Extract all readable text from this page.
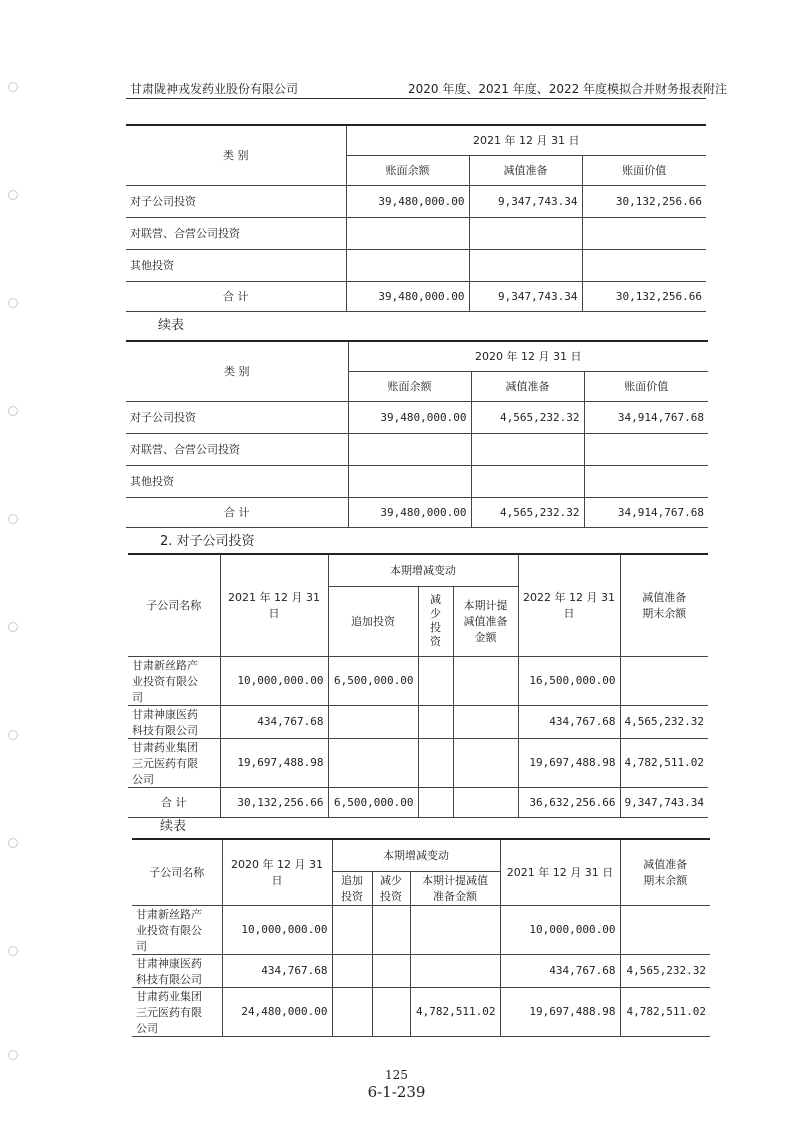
甘肃陇神戎发药业股份有限公司	2020 年度、2021 年度、2022 年度模拟合并财务报表附注
类 别	2021 年 12 月 31 日		
	账面余额	减值准备	账面价值
对子公司投资	39,480,000.00	9,347,743.34	30,132,256.66
对联营、合营公司投资			
其他投资			
合 计	39,480,000.00	9,347,743.34	30,132,256.66
续表
类 别	2020 年 12 月 31 日		
	账面余额	减值准备	账面价值
对子公司投资	39,480,000.00	4,565,232.32	34,914,767.68
对联营、合营公司投资			
其他投资			
合 计	39,480,000.00	4,565,232.32	34,914,767.68
2. 对子公司投资
子公司名称	2021 年 12 月 31 日	本期增减变动			2022 年 12 月 31 日	减值准备
期末余额
		追加投资	减
少
投
资	本期计提
减值准备
金额		
甘肃新丝路产
业投资有限公
司	10,000,000.00	6,500,000.00			16,500,000.00	
甘肃神康医药
科技有限公司	434,767.68				434,767.68	4,565,232.32
甘肃药业集团
三元医药有限
公司	19,697,488.98				19,697,488.98	4,782,511.02
合 计	30,132,256.66	6,500,000.00			36,632,256.66	9,347,743.34
续表
子公司名称	2020 年 12 月 31 日	本期增减变动			2021 年 12 月 31 日	减值准备
期末余额
		追加
投资	减少
投资	本期计提减值
准备金额		
甘肃新丝路产
业投资有限公
司	10,000,000.00				10,000,000.00	
甘肃神康医药
科技有限公司	434,767.68				434,767.68	4,565,232.32
甘肃药业集团
三元医药有限
公司	24,480,000.00			4,782,511.02	19,697,488.98	4,782,511.02
125
6-1-239
